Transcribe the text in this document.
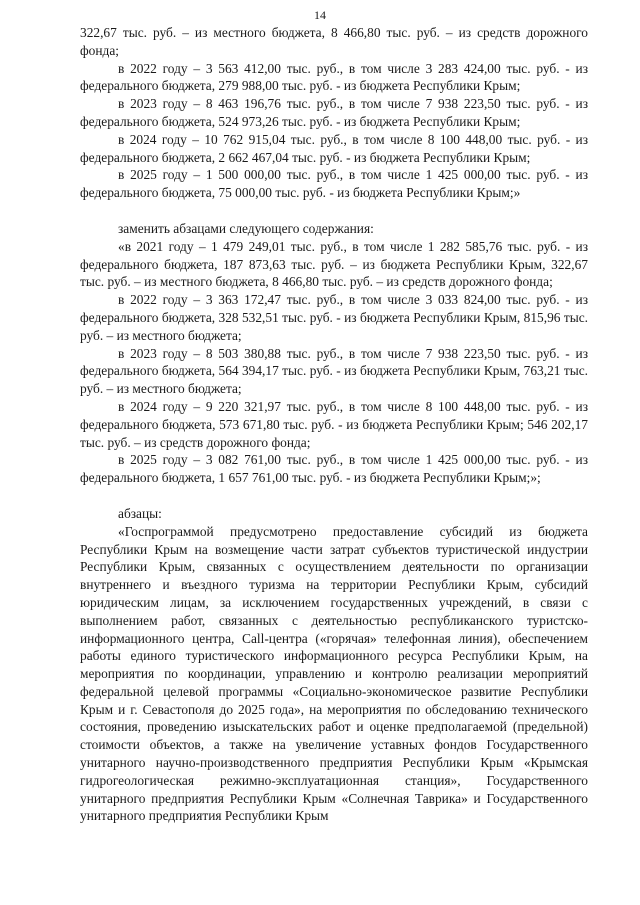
14

322,67 тыс. руб. – из местного бюджета, 8 466,80 тыс. руб. – из средств дорожного фонда;

в 2022 году – 3 563 412,00 тыс. руб., в том числе 3 283 424,00 тыс. руб. - из федерального бюджета, 279 988,00 тыс. руб. - из бюджета Республики Крым;

в 2023 году – 8 463 196,76 тыс. руб., в том числе 7 938 223,50 тыс. руб. - из федерального бюджета, 524 973,26 тыс. руб. - из бюджета Республики Крым;

в 2024 году – 10 762 915,04 тыс. руб., в том числе 8 100 448,00 тыс. руб. - из федерального бюджета, 2 662 467,04 тыс. руб. - из бюджета Республики Крым;

в 2025 году – 1 500 000,00 тыс. руб., в том числе 1 425 000,00 тыс. руб. - из федерального бюджета, 75 000,00 тыс. руб. - из бюджета Республики Крым;»

заменить абзацами следующего содержания:

«в 2021 году – 1 479 249,01 тыс. руб., в том числе 1 282 585,76 тыс. руб. - из федерального бюджета, 187 873,63 тыс. руб. – из бюджета Республики Крым, 322,67 тыс. руб. – из местного бюджета, 8 466,80 тыс. руб. – из средств дорожного фонда;

в 2022 году – 3 363 172,47 тыс. руб., в том числе 3 033 824,00 тыс. руб. - из федерального бюджета, 328 532,51 тыс. руб. - из бюджета Республики Крым, 815,96 тыс. руб. – из местного бюджета;

в 2023 году – 8 503 380,88 тыс. руб., в том числе 7 938 223,50 тыс. руб. - из федерального бюджета, 564 394,17 тыс. руб. - из бюджета Республики Крым, 763,21 тыс. руб. – из местного бюджета;

в 2024 году – 9 220 321,97 тыс. руб., в том числе 8 100 448,00 тыс. руб. - из федерального бюджета, 573 671,80 тыс. руб. - из бюджета Республики Крым; 546 202,17 тыс. руб. – из средств дорожного фонда;

в 2025 году – 3 082 761,00 тыс. руб., в том числе 1 425 000,00 тыс. руб. - из федерального бюджета, 1 657 761,00 тыс. руб. - из бюджета Республики Крым;»;

абзацы:

«Госпрограммой предусмотрено предоставление субсидий из бюджета Республики Крым на возмещение части затрат субъектов туристической индустрии Республики Крым, связанных с осуществлением деятельности по организации внутреннего и въездного туризма на территории Республики Крым, субсидий юридическим лицам, за исключением государственных учреждений, в связи с выполнением работ, связанных с деятельностью республиканского туристско-информационного центра, Call-центра («горячая» телефонная линия), обеспечением работы единого туристического информационного ресурса Республики Крым, на мероприятия по координации, управлению и контролю реализации мероприятий федеральной целевой программы «Социально-экономическое развитие Республики Крым и г. Севастополя до 2025 года», на мероприятия по обследованию технического состояния, проведению изыскательских работ и оценке предполагаемой (предельной) стоимости объектов, а также на увеличение уставных фондов Государственного унитарного научно-производственного предприятия Республики Крым «Крымская гидрогеологическая режимно-эксплуатационная станция», Государственного унитарного предприятия Республики Крым «Солнечная Таврика» и Государственного унитарного предприятия Республики Крым
